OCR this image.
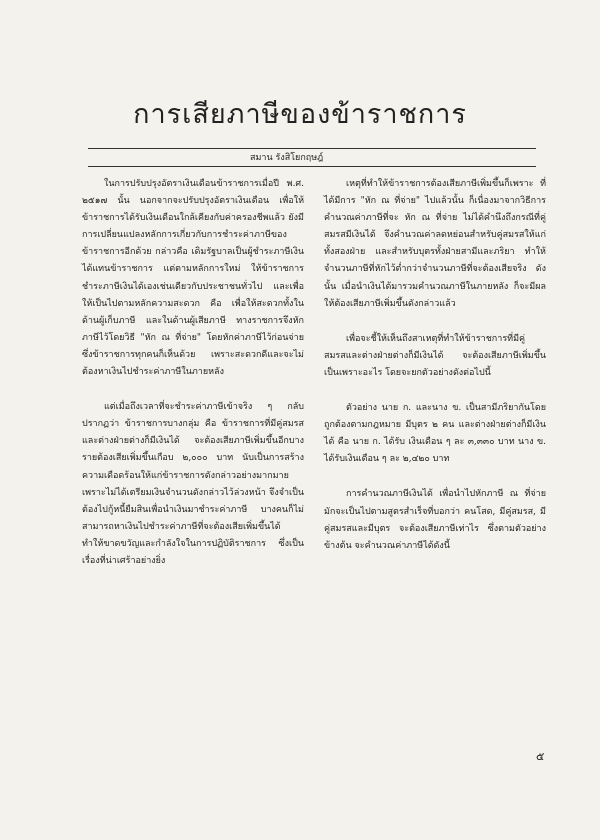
การเสียภาษีของข้าราชการ
สมาน รังสิโยกฤษฎ์

ในการปรับปรุงอัตราเงินเดือนข้าราชการเมื่อปี พ.ศ. ๒๕๑๗ นั้น นอกจากจะปรับปรุงอัตราเงินเดือน เพื่อให้ข้าราชการได้รับเงินเดือนใกล้เคียงกับค่าครองชีพแล้ว ยังมีการเปลี่ยนแปลงหลักการเกี่ยวกับการชำระค่าภาษีของข้าราชการอีกด้วย กล่าวคือ เดิมรัฐบาลเป็นผู้ชำระภาษีเงินได้แทนข้าราชการ แต่ตามหลักการใหม่ ให้ข้าราชการชำระภาษีเงินได้เองเช่นเดียวกับประชาชนทั่วไป และเพื่อให้เป็นไปตามหลักความสะดวก คือ เพื่อให้สะดวกทั้งในด้านผู้เก็บภาษี และในด้านผู้เสียภาษี ทางราชการจึงหักภาษีไว้โดยวิธี "หัก ณ ที่จ่าย" โดยหักค่าภาษีไว้ก่อนจ่าย ซึ่งข้าราชการทุกคนก็เห็นด้วย เพราะสะดวกดีและจะไม่ต้องหาเงินไปชำระค่าภาษีในภายหลัง

แต่เมื่อถึงเวลาที่จะชำระค่าภาษีเข้าจริง ๆ กลับปรากฏว่า ข้าราชการบางกลุ่ม คือ ข้าราชการที่มีคู่สมรสและต่างฝ่ายต่างก็มีเงินได้ จะต้องเสียภาษีเพิ่มขึ้นอีกบางรายต้องเสียเพิ่มขึ้นเกือบ ๒,๐๐๐ บาท นับเป็นการสร้างความเดือดร้อนให้แก่ข้าราชการดังกล่าวอย่างมากมาย เพราะไม่ได้เตรียมเงินจำนวนดังกล่าวไว้ล่วงหน้า จึงจำเป็นต้องไปกู้หนี้ยืมสินเพื่อนำเงินมาชำระค่าภาษี บางคนก็ไม่สามารถหาเงินไปชำระค่าภาษีที่จะต้องเสียเพิ่มขึ้นได้ ทำให้ขาดขวัญและกำลังใจในการปฏิบัติราชการ ซึ่งเป็นเรื่องที่น่าเศร้าอย่างยิ่ง

เหตุที่ทำให้ข้าราชการต้องเสียภาษีเพิ่มขึ้นก็เพราะ ที่ได้มีการ "หัก ณ ที่จ่าย" ไปแล้วนั้น ก็เนื่องมาจากวิธีการคำนวณค่าภาษีที่จะ หัก ณ ที่จ่าย ไม่ได้คำนึงถึงกรณีที่คู่สมรสมีเงินได้ จึงคำนวณค่าลดหย่อนสำหรับคู่สมรสให้แก่ทั้งสองฝ่าย และสำหรับบุตรทั้งฝ่ายสามีและภริยา ทำให้จำนวนภาษีที่หักไว้ต่ำกว่าจำนวนภาษีที่จะต้องเสียจริง ดังนั้น เมื่อนำเงินได้มารวมคำนวณภาษีในภายหลัง ก็จะมีผลให้ต้องเสียภาษีเพิ่มขึ้นดังกล่าวแล้ว

เพื่อจะชี้ให้เห็นถึงสาเหตุที่ทำให้ข้าราชการที่มีคู่สมรสและต่างฝ่ายต่างก็มีเงินได้ จะต้องเสียภาษีเพิ่มขึ้น เป็นเพราะอะไร โดยจะยกตัวอย่างดังต่อไปนี้

ตัวอย่าง นาย ก. และนาง ข. เป็นสามีภริยากันโดยถูกต้องตามกฎหมาย มีบุตร ๒ คน และต่างฝ่ายต่างก็มีเงินได้ คือ นาย ก. ได้รับ เงินเดือน ๆ ละ ๓,๓๓๐ บาท นาง ข. ได้รับเงินเดือน ๆ ละ ๒,๔๒๐ บาท

การคำนวณภาษีเงินได้ เพื่อนำไปหักภาษี ณ ที่จ่าย มักจะเป็นไปตามสูตรสำเร็จที่บอกว่า คนโสด, มีคู่สมรส, มีคู่สมรสและมีบุตร จะต้องเสียภาษีเท่าไร ซึ่งตามตัวอย่างข้างต้น จะคำนวณค่าภาษีได้ดังนี้

๕
